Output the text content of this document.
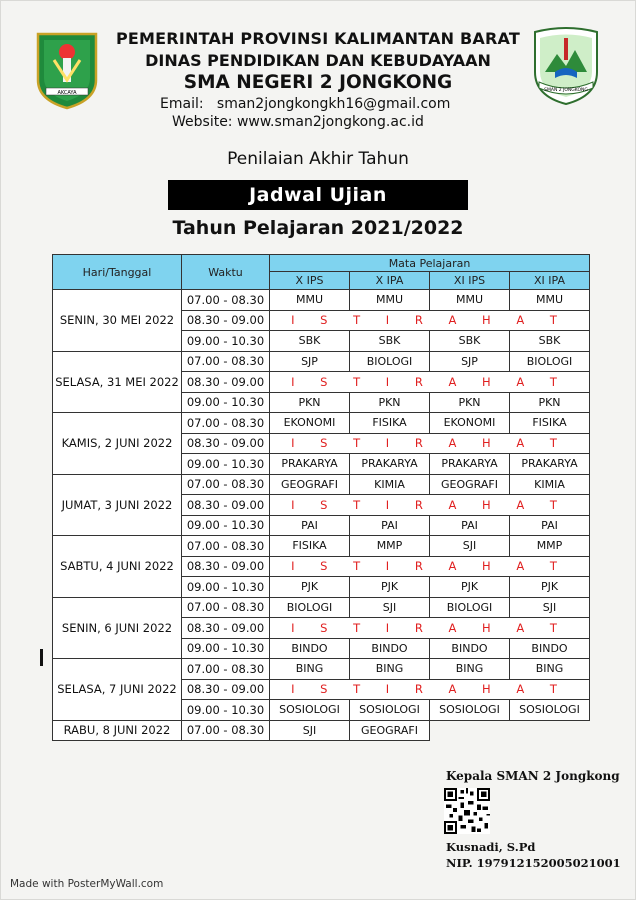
AKCAYA	SMAN 2 JONGKONG
PEMERINTAH PROVINSI KALIMANTAN BARAT
DINAS PENDIDIKAN DAN KEBUDAYAAN
SMA NEGERI 2 JONGKONG
Email:   sman2jongkongkh16@gmail.com
Website: www.sman2jongkong.ac.id
Penilaian Akhir Tahun
Jadwal Ujian
Tahun Pelajaran 2021/2022
Hari/Tanggal	Waktu	Mata Pelajaran			
		X IPS	X IPA	XI IPS	XI IPA
SENIN, 30 MEI 2022	07.00 - 08.30	MMU	MMU	MMU	MMU
	08.30 - 09.00	I S T I R A H A T			
	09.00 - 10.30	SBK	SBK	SBK	SBK
SELASA, 31 MEI 2022	07.00 - 08.30	SJP	BIOLOGI	SJP	BIOLOGI
	08.30 - 09.00	I S T I R A H A T			
	09.00 - 10.30	PKN	PKN	PKN	PKN
KAMIS, 2 JUNI 2022	07.00 - 08.30	EKONOMI	FISIKA	EKONOMI	FISIKA
	08.30 - 09.00	I S T I R A H A T			
	09.00 - 10.30	PRAKARYA	PRAKARYA	PRAKARYA	PRAKARYA
JUMAT, 3 JUNI 2022	07.00 - 08.30	GEOGRAFI	KIMIA	GEOGRAFI	KIMIA
	08.30 - 09.00	I S T I R A H A T			
	09.00 - 10.30	PAI	PAI	PAI	PAI
SABTU, 4 JUNI 2022	07.00 - 08.30	FISIKA	MMP	SJI	MMP
	08.30 - 09.00	I S T I R A H A T			
	09.00 - 10.30	PJK	PJK	PJK	PJK
SENIN, 6 JUNI 2022	07.00 - 08.30	BIOLOGI	SJI	BIOLOGI	SJI
	08.30 - 09.00	I S T I R A H A T			
	09.00 - 10.30	BINDO	BINDO	BINDO	BINDO
SELASA, 7 JUNI 2022	07.00 - 08.30	BING	BING	BING	BING
	08.30 - 09.00	I S T I R A H A T			
	09.00 - 10.30	SOSIOLOGI	SOSIOLOGI	SOSIOLOGI	SOSIOLOGI
RABU, 8 JUNI 2022	07.00 - 08.30	SJI	GEOGRAFI		
Kepala SMAN 2 Jongkong
Kusnadi, S.Pd
NIP. 197912152005021001
Made with PosterMyWall.com
